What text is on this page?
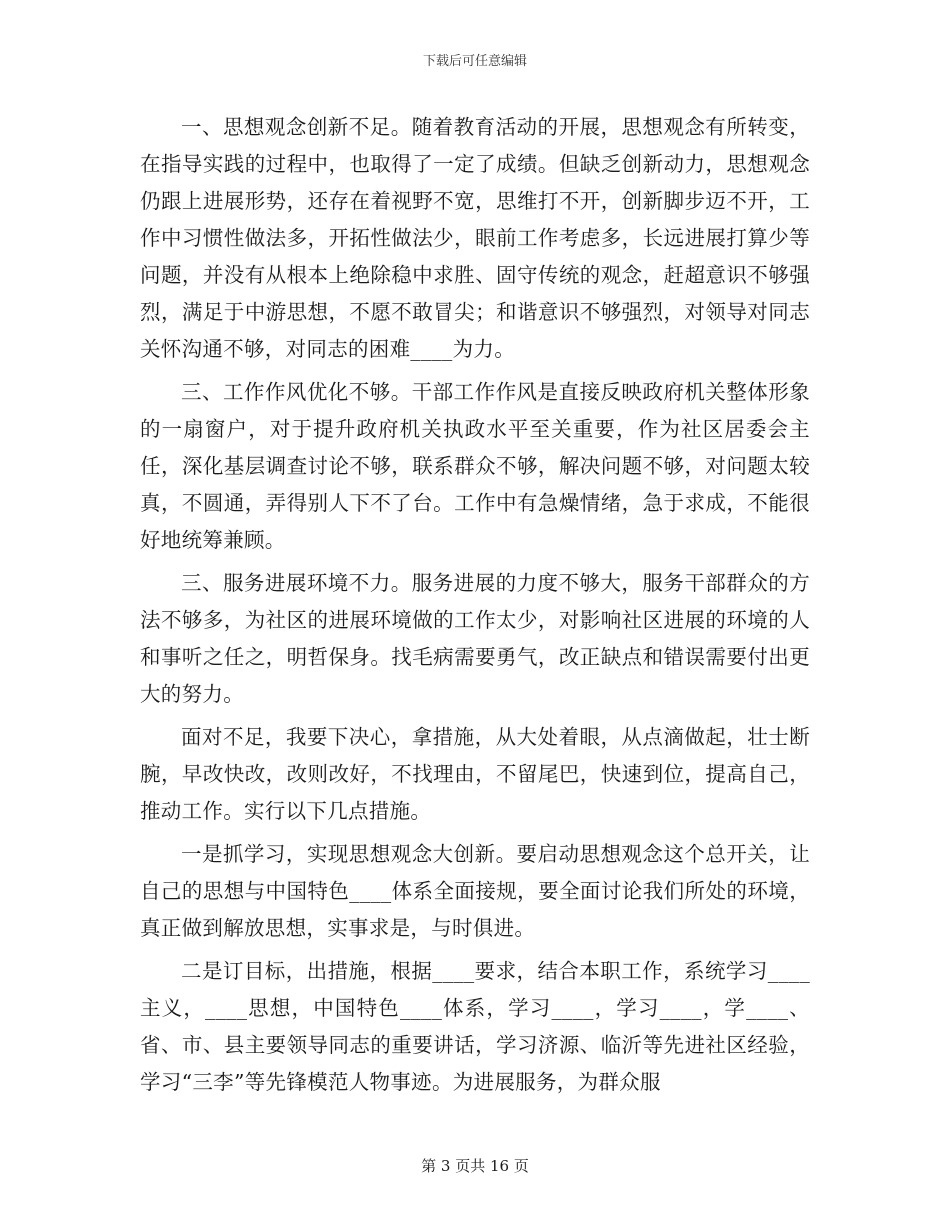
下载后可任意编辑

一、思想观念创新不足。随着教育活动的开展，思想观念有所转变，在指导实践的过程中，也取得了一定了成绩。但缺乏创新动力，思想观念仍跟上进展形势，还存在着视野不宽，思维打不开，创新脚步迈不开，工作中习惯性做法多，开拓性做法少，眼前工作考虑多，长远进展打算少等问题，并没有从根本上绝除稳中求胜、固守传统的观念，赶超意识不够强烈，满足于中游思想，不愿不敢冒尖；和谐意识不够强烈，对领导对同志关怀沟通不够，对同志的困难____为力。

三、工作作风优化不够。干部工作作风是直接反映政府机关整体形象的一扇窗户，对于提升政府机关执政水平至关重要，作为社区居委会主任，深化基层调查讨论不够，联系群众不够，解决问题不够，对问题太较真，不圆通，弄得别人下不了台。工作中有急燥情绪，急于求成，不能很好地统筹兼顾。

三、服务进展环境不力。服务进展的力度不够大，服务干部群众的方法不够多，为社区的进展环境做的工作太少，对影响社区进展的环境的人和事听之任之，明哲保身。找毛病需要勇气，改正缺点和错误需要付出更大的努力。

面对不足，我要下决心，拿措施，从大处着眼，从点滴做起，壮士断腕，早改快改，改则改好，不找理由，不留尾巴，快速到位，提高自己，推动工作。实行以下几点措施。

一是抓学习，实现思想观念大创新。要启动思想观念这个总开关，让自己的思想与中国特色____体系全面接规，要全面讨论我们所处的环境，真正做到解放思想，实事求是，与时俱进。

二是订目标，出措施，根据____要求，结合本职工作，系统学习____主义，____思想，中国特色____体系，学习____，学习____，学____、省、市、县主要领导同志的重要讲话，学习济源、临沂等先进社区经验，学习“三李”等先锋模范人物事迹。为进展服务，为群众服

第 3 页共 16 页
